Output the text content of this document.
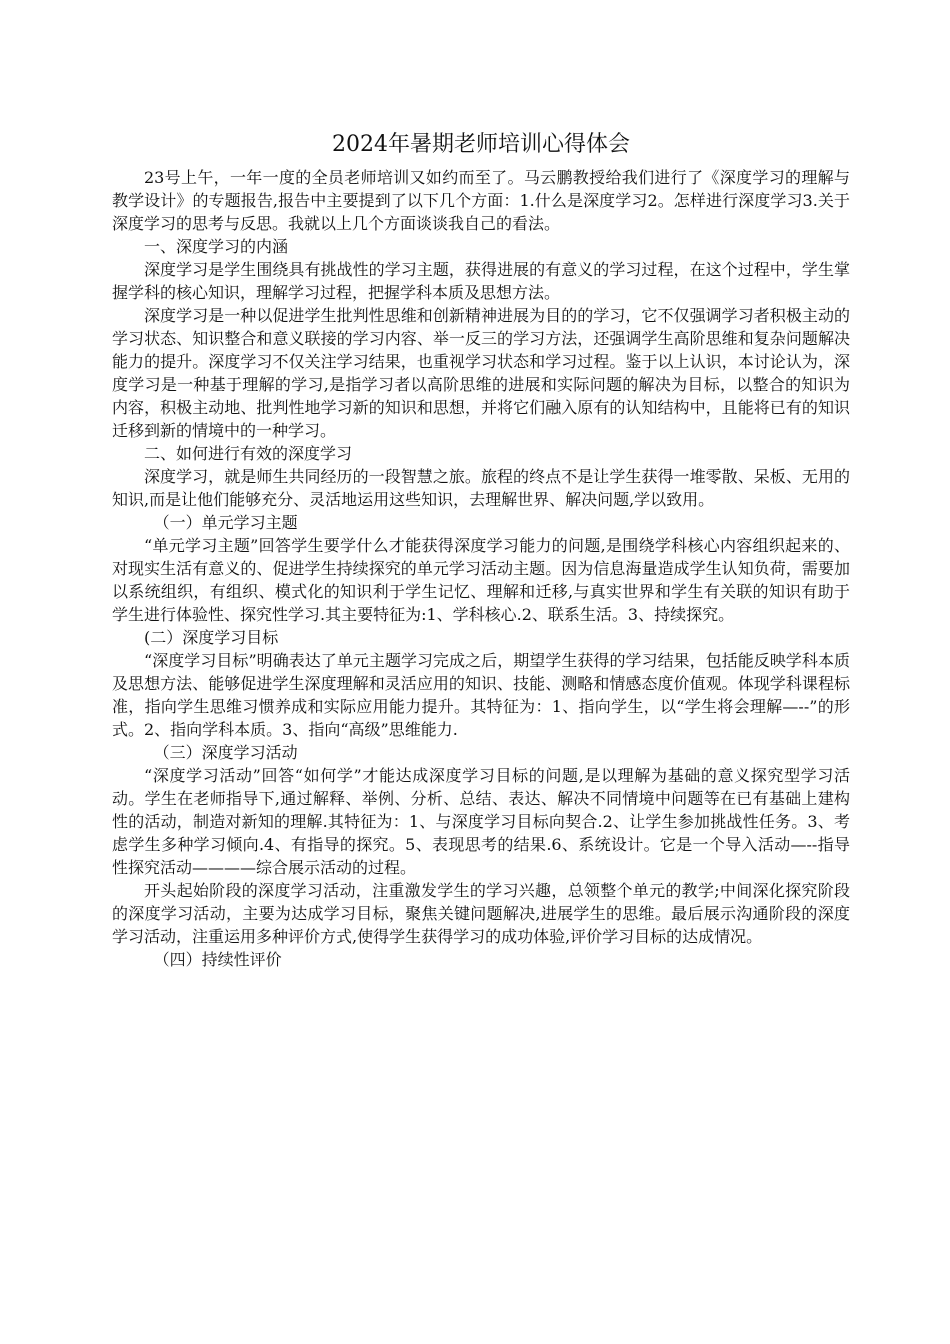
2024年暑期老师培训心得体会

23号上午，一年一度的全员老师培训又如约而至了。马云鹏教授给我们进行了《深度学习的理解与教学设计》的专题报告,报告中主要提到了以下几个方面：1.什么是深度学习2。怎样进行深度学习3.关于深度学习的思考与反思。我就以上几个方面谈谈我自己的看法。

一、深度学习的内涵

深度学习是学生围绕具有挑战性的学习主题，获得进展的有意义的学习过程，在这个过程中，学生掌握学科的核心知识，理解学习过程，把握学科本质及思想方法。

深度学习是一种以促进学生批判性思维和创新精神进展为目的的学习，它不仅强调学习者积极主动的学习状态、知识整合和意义联接的学习内容、举一反三的学习方法，还强调学生高阶思维和复杂问题解决能力的提升。深度学习不仅关注学习结果，也重视学习状态和学习过程。鉴于以上认识，本讨论认为，深度学习是一种基于理解的学习,是指学习者以高阶思维的进展和实际问题的解决为目标，以整合的知识为内容，积极主动地、批判性地学习新的知识和思想，并将它们融入原有的认知结构中，且能将已有的知识迁移到新的情境中的一种学习。

二、如何进行有效的深度学习

深度学习，就是师生共同经历的一段智慧之旅。旅程的终点不是让学生获得一堆零散、呆板、无用的知识,而是让他们能够充分、灵活地运用这些知识，去理解世界、解决问题,学以致用。

（一）单元学习主题

“单元学习主题”回答学生要学什么才能获得深度学习能力的问题,是围绕学科核心内容组织起来的、对现实生活有意义的、促进学生持续探究的单元学习活动主题。因为信息海量造成学生认知负荷，需要加以系统组织，有组织、模式化的知识利于学生记忆、理解和迁移,与真实世界和学生有关联的知识有助于学生进行体验性、探究性学习.其主要特征为:1、学科核心.2、联系生活。3、持续探究。

(二）深度学习目标

“深度学习目标”明确表达了单元主题学习完成之后，期望学生获得的学习结果，包括能反映学科本质及思想方法、能够促进学生深度理解和灵活应用的知识、技能、测略和情感态度价值观。体现学科课程标准，指向学生思维习惯养成和实际应用能力提升。其特征为：1、指向学生，以“学生将会理解—--”的形式。2、指向学科本质。3、指向“高级”思维能力.

（三）深度学习活动

“深度学习活动”回答“如何学”才能达成深度学习目标的问题,是以理解为基础的意义探究型学习活动。学生在老师指导下,通过解释、举例、分析、总结、表达、解决不同情境中问题等在已有基础上建构性的活动，制造对新知的理解.其特征为：1、与深度学习目标向契合.2、让学生参加挑战性任务。3、考虑学生多种学习倾向.4、有指导的探究。5、表现思考的结果.6、系统设计。它是一个导入活动—--指导性探究活动————综合展示活动的过程。

开头起始阶段的深度学习活动，注重激发学生的学习兴趣，总领整个单元的教学;中间深化探究阶段的深度学习活动，主要为达成学习目标，聚焦关键问题解决,进展学生的思维。最后展示沟通阶段的深度学习活动，注重运用多种评价方式,使得学生获得学习的成功体验,评价学习目标的达成情况。

（四）持续性评价
